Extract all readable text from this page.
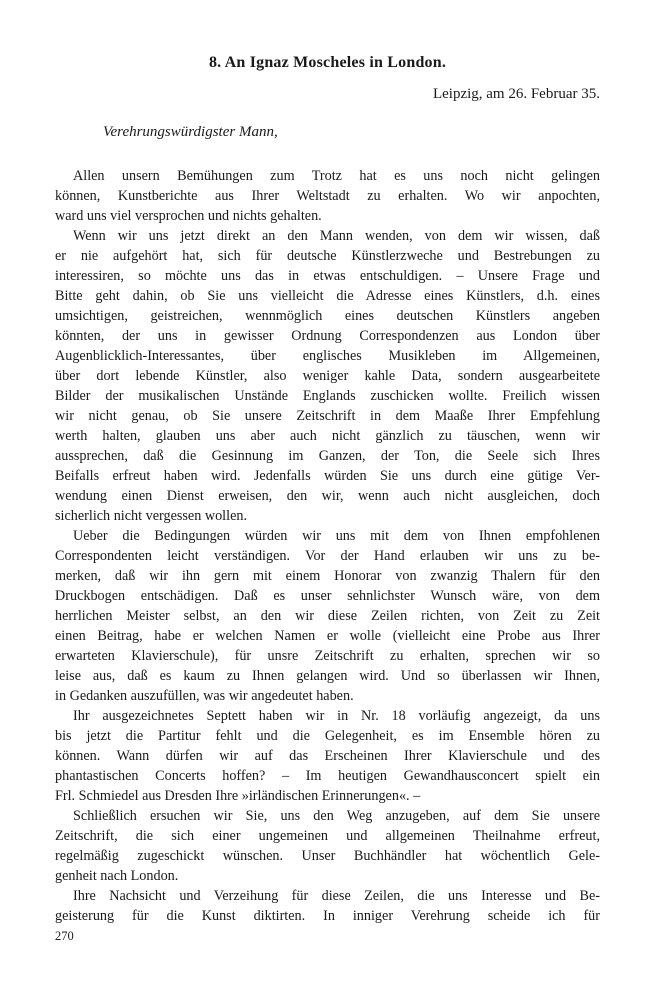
8. An Ignaz Moscheles in London.
Leipzig, am 26. Februar 35.
Verehrungswürdigster Mann,
Allen unsern Bemühungen zum Trotz hat es uns noch nicht gelingen
können, Kunstberichte aus Ihrer Weltstadt zu erhalten. Wo wir anpochten,
ward uns viel versprochen und nichts gehalten.
Wenn wir uns jetzt direkt an den Mann wenden, von dem wir wissen, daß
er nie aufgehört hat, sich für deutsche Künstlerzweche und Bestrebungen zu
interessiren, so möchte uns das in etwas entschuldigen. – Unsere Frage und
Bitte geht dahin, ob Sie uns vielleicht die Adresse eines Künstlers, d.h. eines
umsichtigen, geistreichen, wennmöglich eines deutschen Künstlers angeben
könnten, der uns in gewisser Ordnung Correspondenzen aus London über
Augenblicklich-Interessantes, über englisches Musikleben im Allgemeinen,
über dort lebende Künstler, also weniger kahle Data, sondern ausgearbeitete
Bilder der musikalischen Unstände Englands zuschicken wollte. Freilich wissen
wir nicht genau, ob Sie unsere Zeitschrift in dem Maaße Ihrer Empfehlung
werth halten, glauben uns aber auch nicht gänzlich zu täuschen, wenn wir
aussprechen, daß die Gesinnung im Ganzen, der Ton, die Seele sich Ihres
Beifalls erfreut haben wird. Jedenfalls würden Sie uns durch eine gütige Ver-
wendung einen Dienst erweisen, den wir, wenn auch nicht ausgleichen, doch
sicherlich nicht vergessen wollen.
Ueber die Bedingungen würden wir uns mit dem von Ihnen empfohlenen
Correspondenten leicht verständigen. Vor der Hand erlauben wir uns zu be-
merken, daß wir ihn gern mit einem Honorar von zwanzig Thalern für den
Druckbogen entschädigen. Daß es unser sehnlichster Wunsch wäre, von dem
herrlichen Meister selbst, an den wir diese Zeilen richten, von Zeit zu Zeit
einen Beitrag, habe er welchen Namen er wolle (vielleicht eine Probe aus Ihrer
erwarteten Klavierschule), für unsre Zeitschrift zu erhalten, sprechen wir so
leise aus, daß es kaum zu Ihnen gelangen wird. Und so überlassen wir Ihnen,
in Gedanken auszufüllen, was wir angedeutet haben.
Ihr ausgezeichnetes Septett haben wir in Nr. 18 vorläufig angezeigt, da uns
bis jetzt die Partitur fehlt und die Gelegenheit, es im Ensemble hören zu
können. Wann dürfen wir auf das Erscheinen Ihrer Klavierschule und des
phantastischen Concerts hoffen? – Im heutigen Gewandhausconcert spielt ein
Frl. Schmiedel aus Dresden Ihre »irländischen Erinnerungen«. –
Schließlich ersuchen wir Sie, uns den Weg anzugeben, auf dem Sie unsere
Zeitschrift, die sich einer ungemeinen und allgemeinen Theilnahme erfreut,
regelmäßig zugeschickt wünschen. Unser Buchhändler hat wöchentlich Gele-
genheit nach London.
Ihre Nachsicht und Verzeihung für diese Zeilen, die uns Interesse und Be-
geisterung für die Kunst diktirten. In inniger Verehrung scheide ich für
270
